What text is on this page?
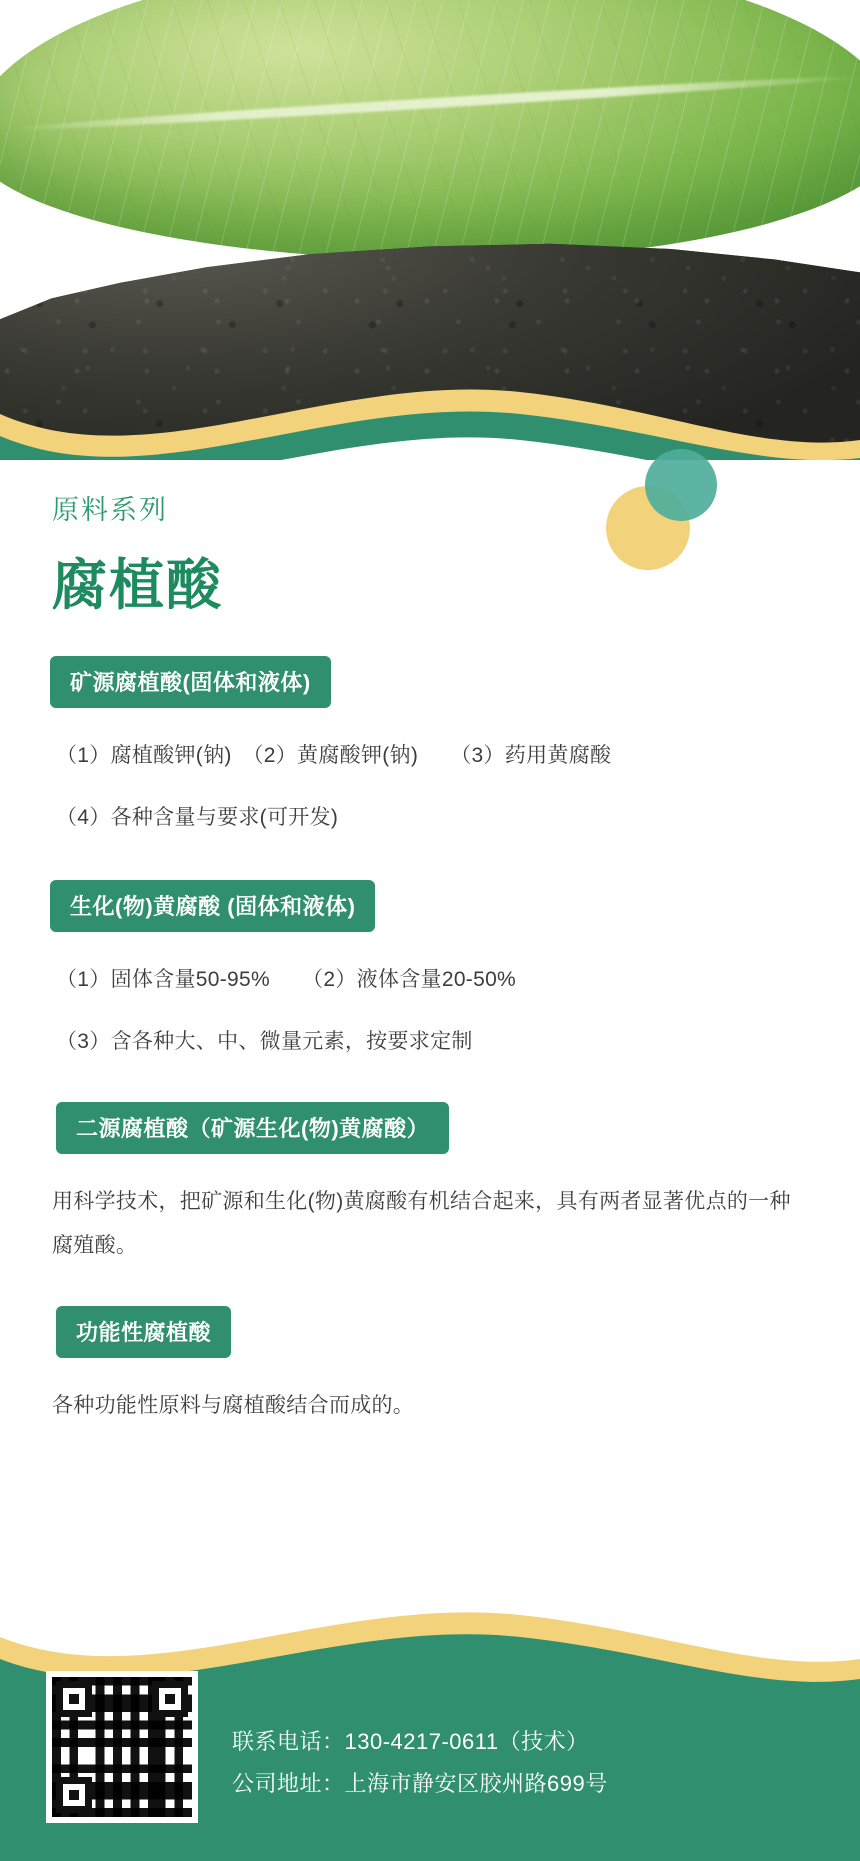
原料系列
腐植酸
矿源腐植酸(固体和液体)
（1）腐植酸钾(钠)　（2）黄腐酸钾(钠)　　（3）药用黄腐酸
（4）各种含量与要求(可开发)
生化(物)黄腐酸 (固体和液体)
（1）固体含量50-95%　　（2）液体含量20-50%
（3）含各种大、中、微量元素，按要求定制
二源腐植酸（矿源生化(物)黄腐酸）
用科学技术，把矿源和生化(物)黄腐酸有机结合起来，具有两者显著优点的一种腐殖酸。
功能性腐植酸
各种功能性原料与腐植酸结合而成的。
联系电话：130-4217-0611（技术）
公司地址：上海市静安区胶州路699号
